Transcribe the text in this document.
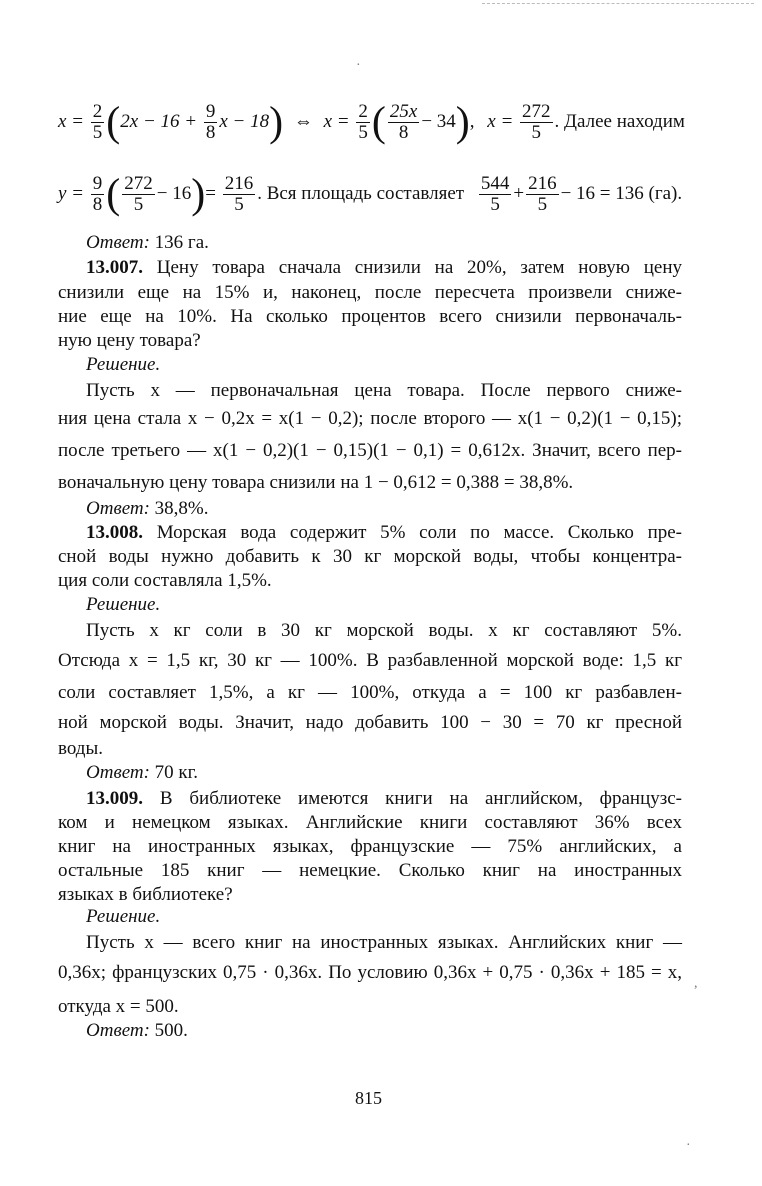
·
$x = \frac{2}{5} (2x - 16 + \frac{9}{8}$ x − 18) ⇔ $x = \frac{2}{5}$ ( $\frac{25x}{8} - 34$), $x = \frac{272}{5}$ . Далее находим
$y = \frac{9}{8}$ ( $\frac{272}{5} - 16)= \frac{216}{5}$ . Вся площадь составляет $\frac{544}{5} + \frac{216}{5} - 16 = 136$ (га).
Ответ: 136 га.
13.007. Цену товара сначала снизили на 20%, затем новую цену
снизили еще на 15% и, наконец, после пересчета произвели сниже-
ние еще на 10%. На сколько процентов всего снизили первоначаль-
ную цену товара?
Решение.
Пусть x — первоначальная цена товара. После первого сниже-
ния цена стала x − 0,2x = x(1 − 0,2); после второго — x(1 − 0,2)(1 − 0,15);
после третьего — x(1 − 0,2)(1 − 0,15)(1 − 0,1) = 0,612x. Значит, всего пер-
воначальную цену товара снизили на 1 − 0,612 = 0,388 = 38,8%.
Ответ: 38,8%.
13.008. Морская вода содержит 5% соли по массе. Сколько пре-
сной воды нужно добавить к 30 кг морской воды, чтобы концентра-
ция соли составляла 1,5%.
Решение.
Пусть x кг соли в 30 кг морской воды. x кг составляют 5%.
Отсюда x = 1,5 кг, 30 кг — 100%. В разбавленной морской воде: 1,5 кг
соли составляет 1,5%, a кг — 100%, откуда a = 100 кг разбавлен-
ной морской воды. Значит, надо добавить 100 − 30 = 70 кг пресной
воды.
Ответ: 70 кг.
13.009. В библиотеке имеются книги на английском, французс-
ком и немецком языках. Английские книги составляют 36% всех
книг на иностранных языках, французские — 75% английских, а
остальные 185 книг — немецкие. Сколько книг на иностранных
языках в библиотеке?
Решение.
Пусть x — всего книг на иностранных языках. Английских книг —
0,36x; французских 0,75 · 0,36x. По условию 0,36x + 0,75 · 0,36x + 185 = x,
откуда x = 500.
Ответ: 500.
815
,
·
